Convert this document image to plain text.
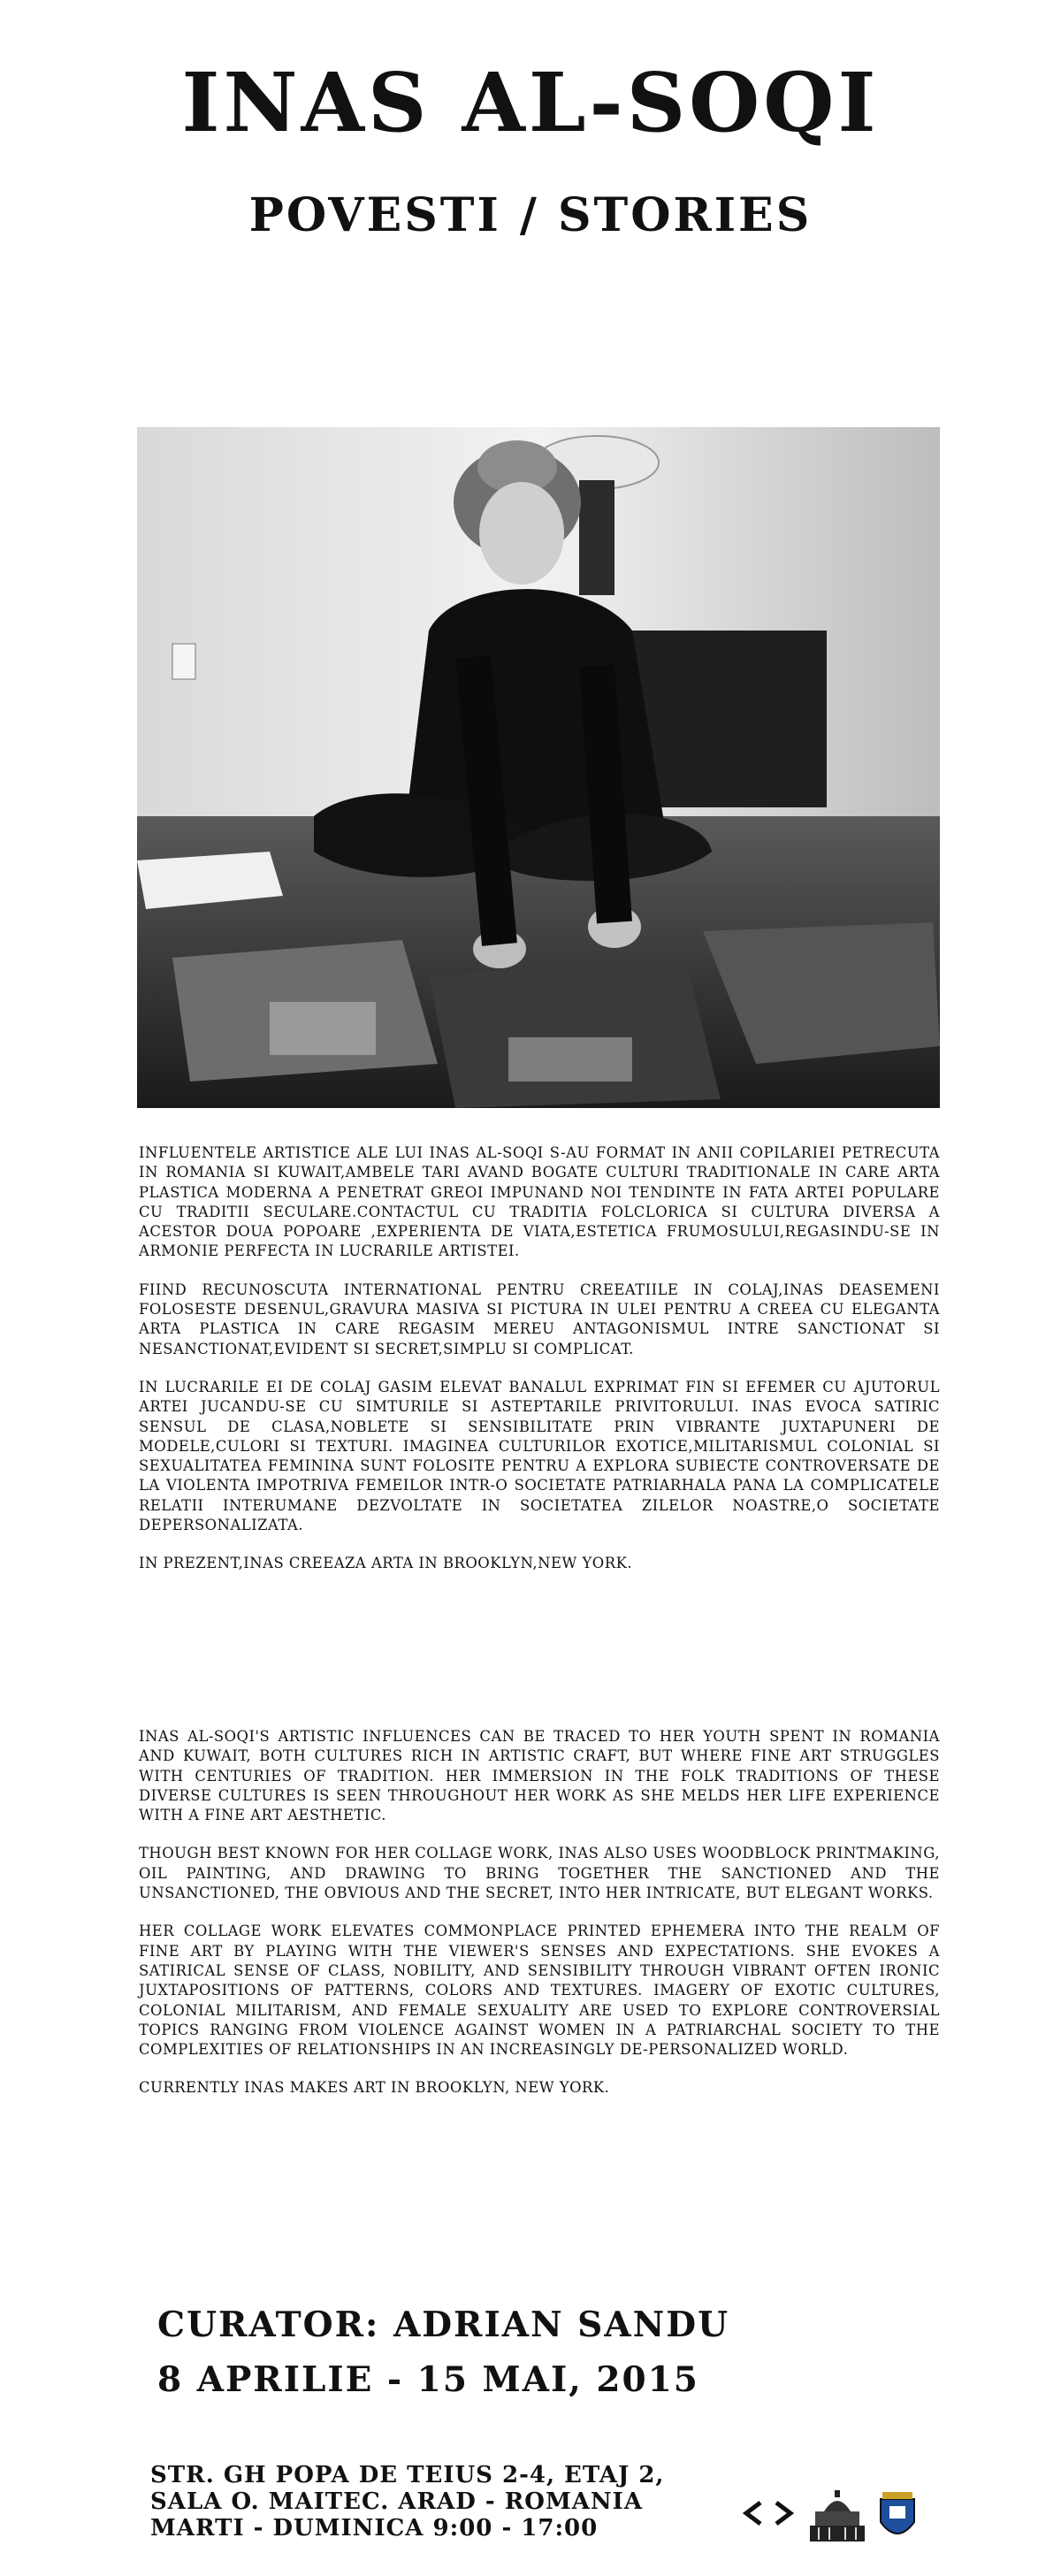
INAS AL-SOQI
POVESTI / STORIES

INFLUENTELE ARTISTICE ALE LUI INAS AL-SOQI S-AU FORMAT IN ANII COPILARIEI PETRECUTA IN ROMANIA SI KUWAIT,AMBELE TARI AVAND BOGATE CULTURI TRADITIONALE IN CARE ARTA PLASTICA MODERNA A PENETRAT GREOI IMPUNAND NOI TENDINTE IN FATA ARTEI POPULARE CU TRADITII SECULARE.CONTACTUL CU TRADITIA FOLCLORICA SI CULTURA DIVERSA A ACESTOR DOUA POPOARE ,EXPERIENTA DE VIATA,ESTETICA FRUMOSULUI,REGASINDU-SE IN ARMONIE PERFECTA IN LUCRARILE ARTISTEI.

FIIND RECUNOSCUTA INTERNATIONAL PENTRU CREEATIILE IN COLAJ,INAS DEASEMENI FOLOSESTE DESENUL,GRAVURA MASIVA SI PICTURA IN ULEI PENTRU A CREEA CU ELEGANTA ARTA PLASTICA IN CARE REGASIM MEREU ANTAGONISMUL INTRE SANCTIONAT SI NESANCTIONAT,EVIDENT SI SECRET,SIMPLU SI COMPLICAT.

IN LUCRARILE EI DE COLAJ GASIM ELEVAT BANALUL EXPRIMAT FIN SI EFEMER CU AJUTORUL ARTEI JUCANDU-SE CU SIMTURILE SI ASTEPTARILE PRIVITORULUI. INAS EVOCA SATIRIC SENSUL DE CLASA,NOBLETE SI SENSIBILITATE PRIN VIBRANTE JUXTAPUNERI DE MODELE,CULORI SI TEXTURI. IMAGINEA CULTURILOR EXOTICE,MILITARISMUL COLONIAL SI SEXUALITATEA FEMININA SUNT FOLOSITE PENTRU A EXPLORA SUBIECTE CONTROVERSATE DE LA VIOLENTA IMPOTRIVA FEMEILOR INTR-O SOCIETATE PATRIARHALA PANA LA COMPLICATELE RELATII INTERUMANE DEZVOLTATE IN SOCIETATEA ZILELOR NOASTRE,O SOCIETATE DEPERSONALIZATA.

IN PREZENT,INAS CREEAZA ARTA IN BROOKLYN,NEW YORK.

INAS AL-SOQI'S ARTISTIC INFLUENCES CAN BE TRACED TO HER YOUTH SPENT IN ROMANIA AND KUWAIT, BOTH CULTURES RICH IN ARTISTIC CRAFT, BUT WHERE FINE ART STRUGGLES WITH CENTURIES OF TRADITION. HER IMMERSION IN THE FOLK TRADITIONS OF THESE DIVERSE CULTURES IS SEEN THROUGHOUT HER WORK AS SHE MELDS HER LIFE EXPERIENCE WITH A FINE ART AESTHETIC.

THOUGH BEST KNOWN FOR HER COLLAGE WORK, INAS ALSO USES WOODBLOCK PRINTMAKING, OIL PAINTING, AND DRAWING TO BRING TOGETHER THE SANCTIONED AND THE UNSANCTIONED, THE OBVIOUS AND THE SECRET, INTO HER INTRICATE, BUT ELEGANT WORKS.

HER COLLAGE WORK ELEVATES COMMONPLACE PRINTED EPHEMERA INTO THE REALM OF FINE ART BY PLAYING WITH THE VIEWER'S SENSES AND EXPECTATIONS. SHE EVOKES A SATIRICAL SENSE OF CLASS, NOBILITY, AND SENSIBILITY THROUGH VIBRANT OFTEN IRONIC JUXTAPOSITIONS OF PATTERNS, COLORS AND TEXTURES. IMAGERY OF EXOTIC CULTURES, COLONIAL MILITARISM, AND FEMALE SEXUALITY ARE USED TO EXPLORE CONTROVERSIAL TOPICS RANGING FROM VIOLENCE AGAINST WOMEN IN A PATRIARCHAL SOCIETY TO THE COMPLEXITIES OF RELATIONSHIPS IN AN INCREASINGLY DE-PERSONALIZED WORLD.

CURRENTLY INAS MAKES ART IN BROOKLYN, NEW YORK.

CURATOR: ADRIAN SANDU
8 APRILIE - 15 MAI, 2015
STR. GH POPA DE TEIUS 2-4, ETAJ 2,
SALA O. MAITEC. ARAD - ROMANIA
MARTI - DUMINICA 9:00 - 17:00
